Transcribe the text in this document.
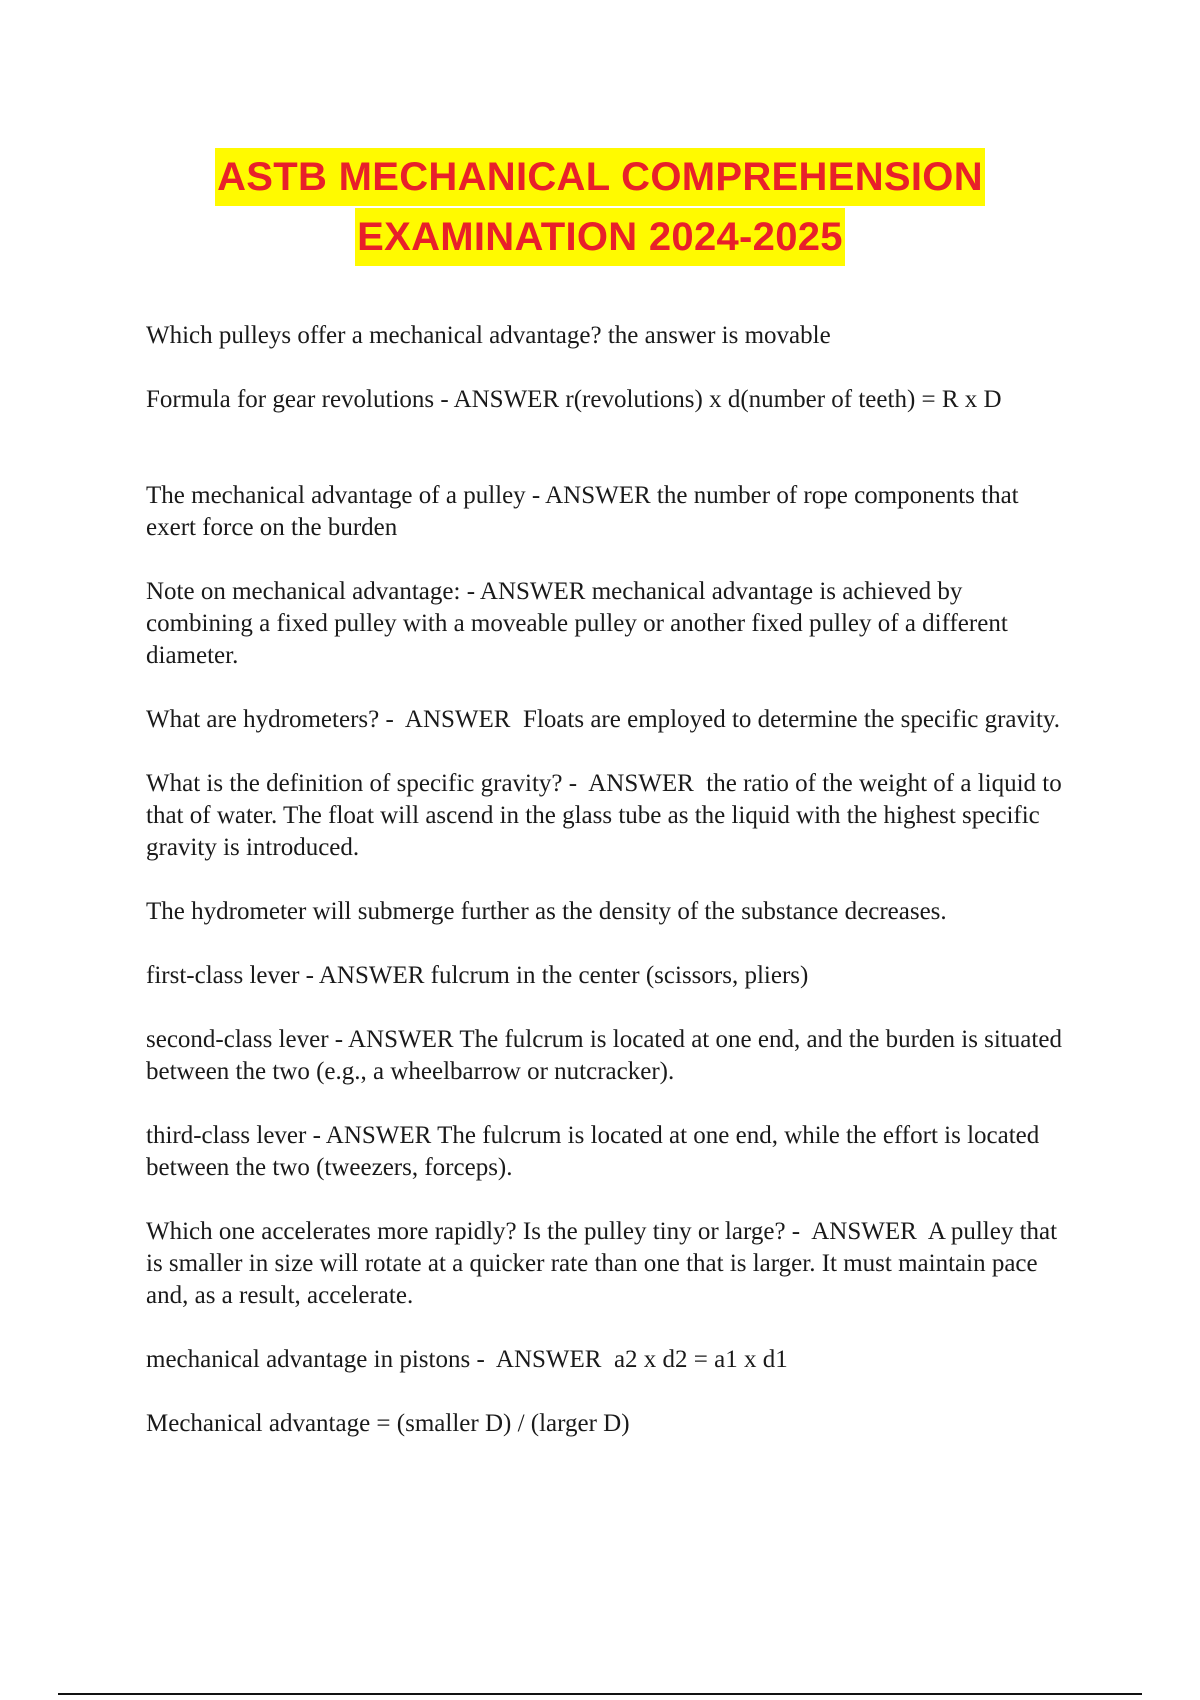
ASTB MECHANICAL COMPREHENSION
EXAMINATION 2024-2025

Which pulleys offer a mechanical advantage? the answer is movable

Formula for gear revolutions - ANSWER r(revolutions) x d(number of teeth) = R x D

The mechanical advantage of a pulley - ANSWER the number of rope components that exert force on the burden

Note on mechanical advantage: - ANSWER mechanical advantage is achieved by combining a fixed pulley with a moveable pulley or another fixed pulley of a different diameter.

What are hydrometers? -  ANSWER  Floats are employed to determine the specific gravity.

What is the definition of specific gravity? -  ANSWER  the ratio of the weight of a liquid to that of water. The float will ascend in the glass tube as the liquid with the highest specific gravity is introduced.

The hydrometer will submerge further as the density of the substance decreases.

first-class lever - ANSWER fulcrum in the center (scissors, pliers)

second-class lever - ANSWER The fulcrum is located at one end, and the burden is situated between the two (e.g., a wheelbarrow or nutcracker).

third-class lever - ANSWER The fulcrum is located at one end, while the effort is located between the two (tweezers, forceps).

Which one accelerates more rapidly? Is the pulley tiny or large? -  ANSWER  A pulley that is smaller in size will rotate at a quicker rate than one that is larger. It must maintain pace and, as a result, accelerate.

mechanical advantage in pistons -  ANSWER  a2 x d2 = a1 x d1

Mechanical advantage = (smaller D) / (larger D)
